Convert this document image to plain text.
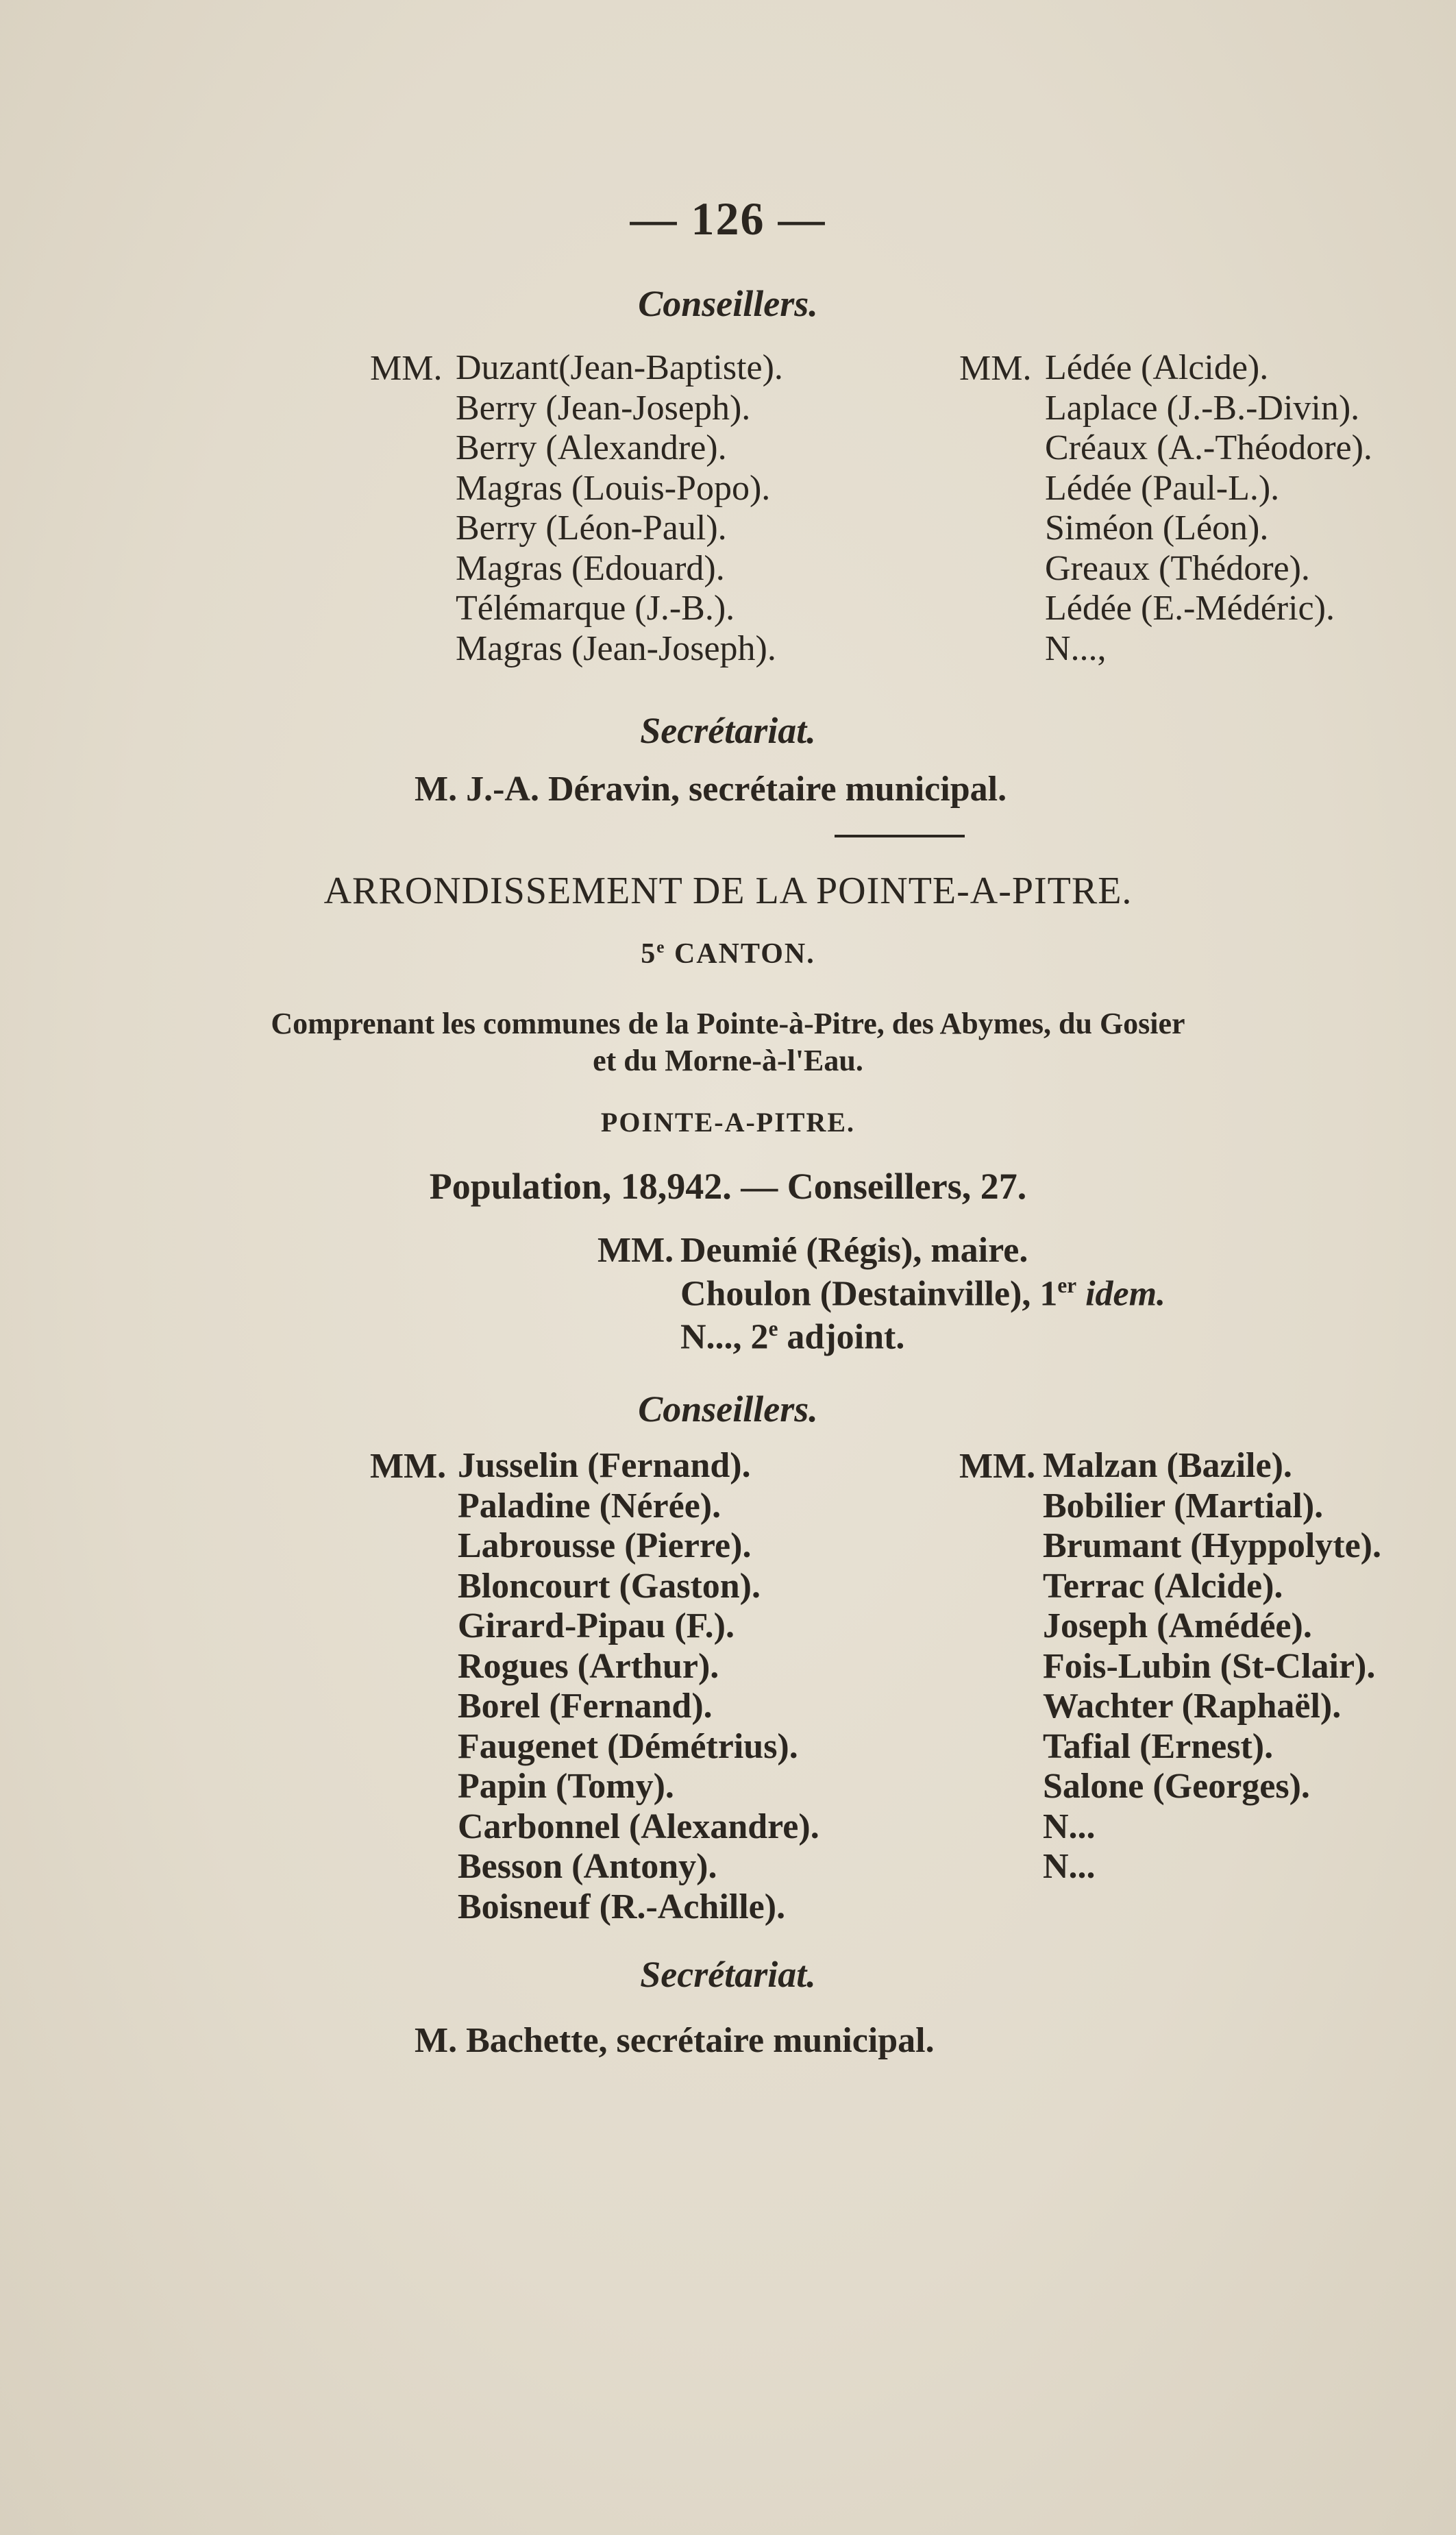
— 126 —
Conseillers.
MM. Duzant(Jean-Baptiste).
Berry (Jean-Joseph).
Berry (Alexandre).
Magras (Louis-Popo).
Berry (Léon-Paul).
Magras (Edouard).
Télémarque (J.-B.).
Magras (Jean-Joseph).
MM. Lédée (Alcide).
Laplace (J.-B.-Divin).
Créaux (A.-Théodore).
Lédée (Paul-L.).
Siméon (Léon).
Greaux (Thédore).
Lédée (E.-Médéric).
N...,
Secrétariat.
M. J.-A. Déravin, secrétaire municipal.
ARRONDISSEMENT DE LA POINTE-A-PITRE.
5e CANTON.
Comprenant les communes de la Pointe-à-Pitre, des Abymes, du Gosier
et du Morne-à-l'Eau.
POINTE-A-PITRE.
Population, 18,942. — Conseillers, 27.
MM. Deumié (Régis), maire.
Choulon (Destainville), 1er idem.
N..., 2e adjoint.
Conseillers.
MM. Jusselin (Fernand).
Paladine (Nérée).
Labrousse (Pierre).
Bloncourt (Gaston).
Girard-Pipau (F.).
Rogues (Arthur).
Borel (Fernand).
Faugenet (Démétrius).
Papin (Tomy).
Carbonnel (Alexandre).
Besson (Antony).
Boisneuf (R.-Achille).
MM. Malzan (Bazile).
Bobilier (Martial).
Brumant (Hyppolyte).
Terrac (Alcide).
Joseph (Amédée).
Fois-Lubin (St-Clair).
Wachter (Raphaël).
Tafial (Ernest).
Salone (Georges).
N...
N...
Secrétariat.
M. Bachette, secrétaire municipal.
